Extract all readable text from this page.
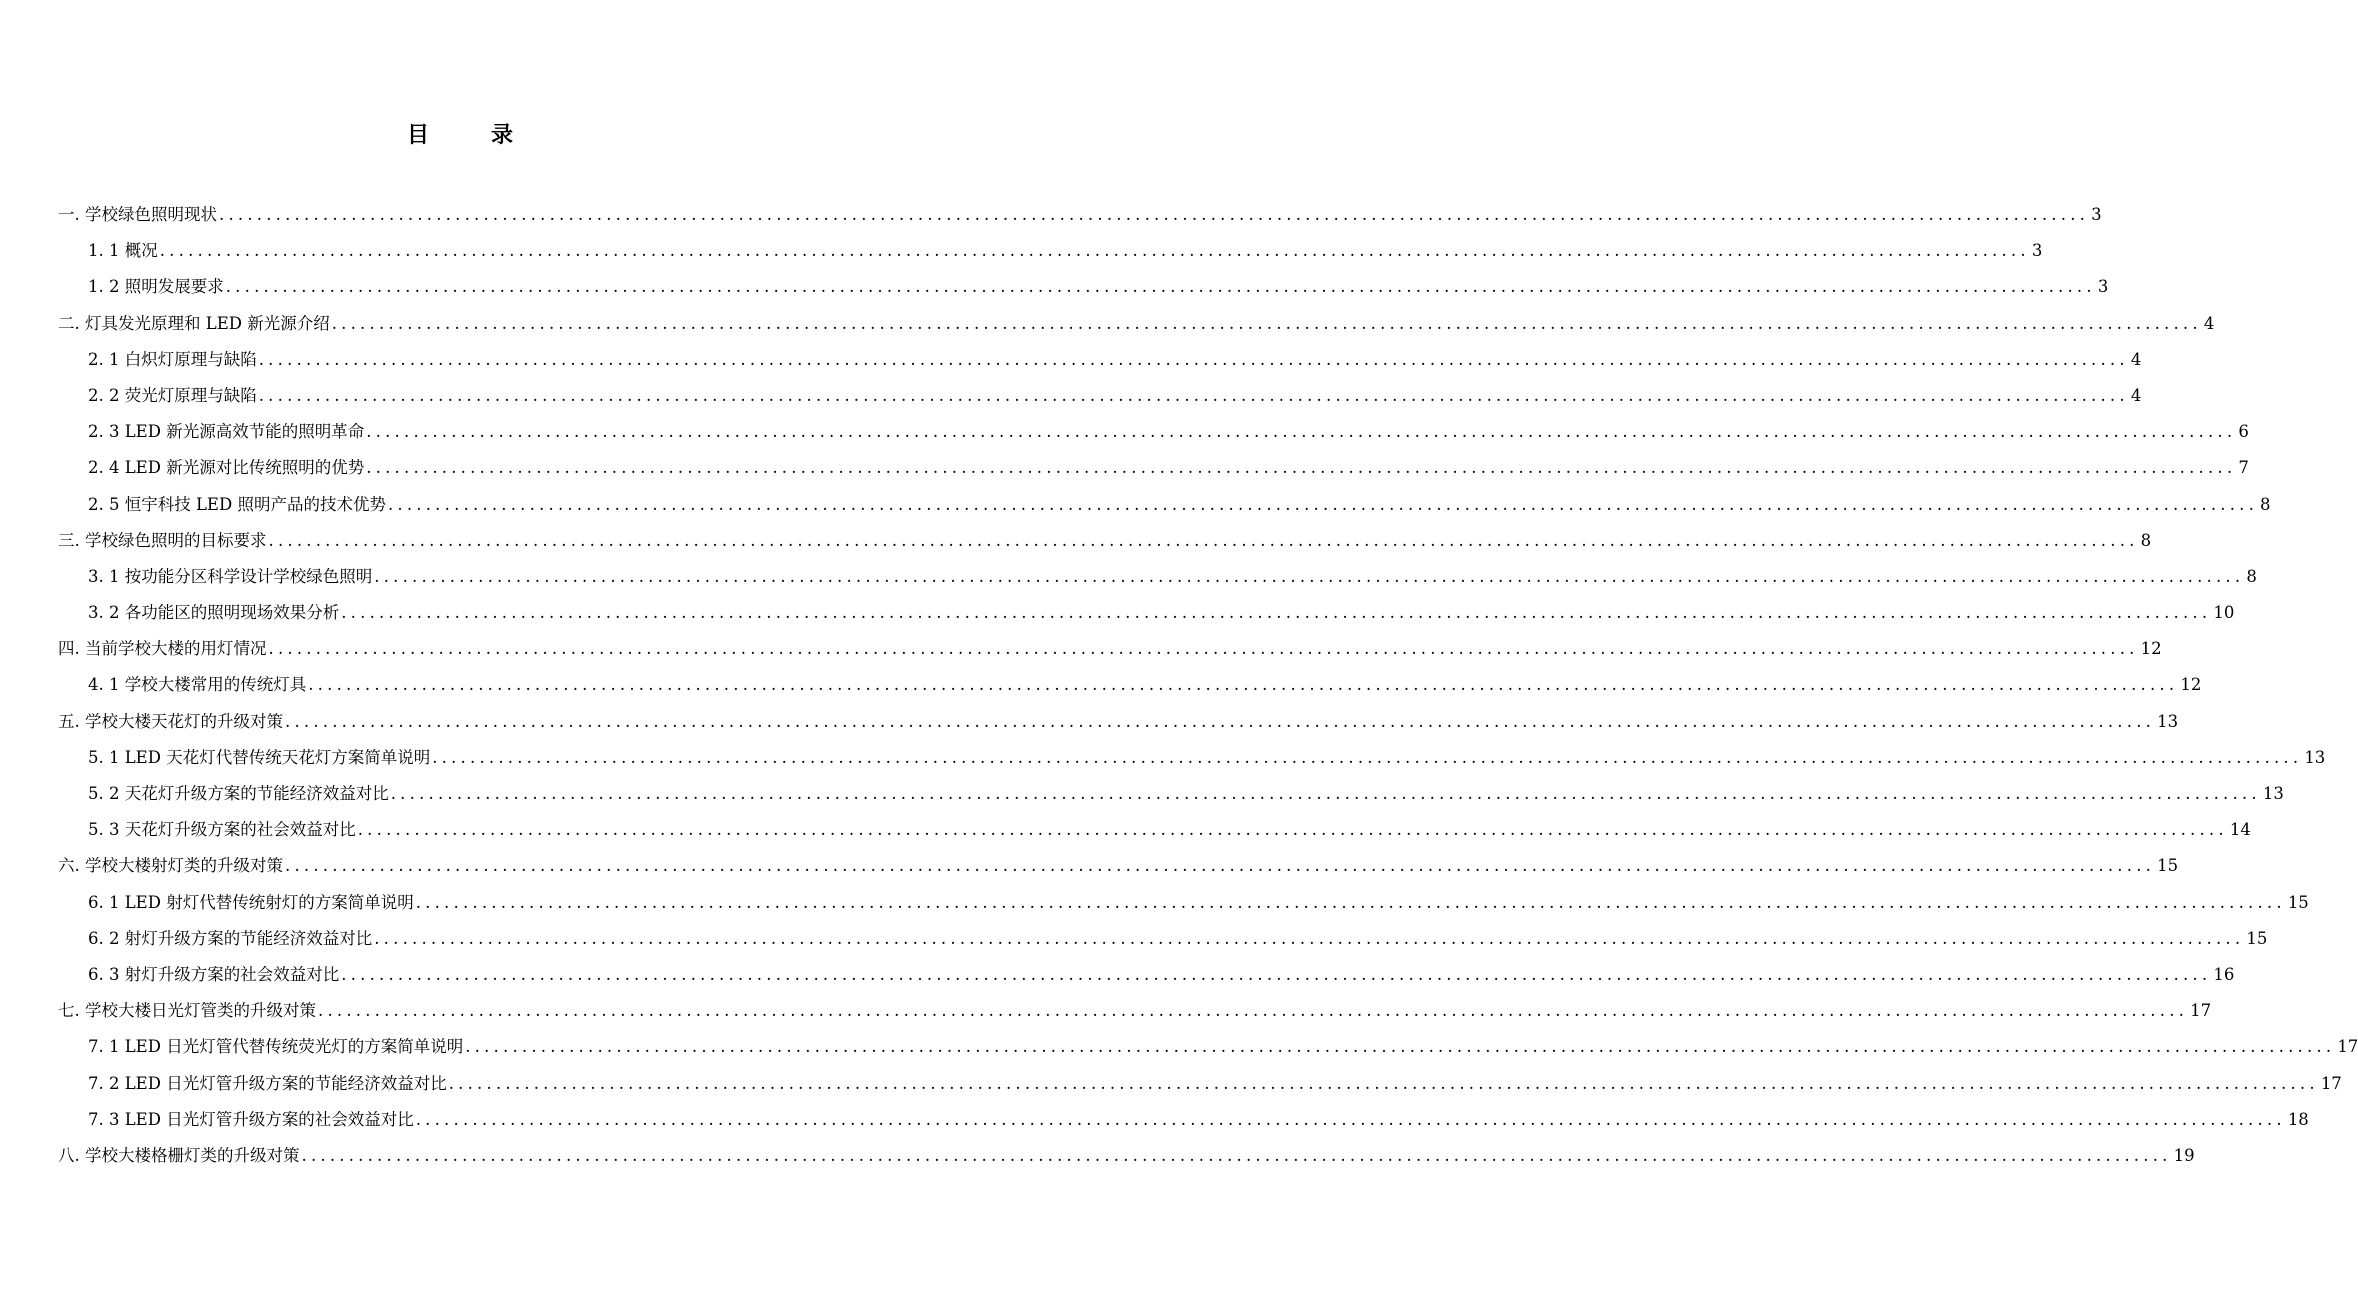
目	录
一. 学校绿色照明现状 ...................................................................................................................................................................................................... 3
1. 1 概况 ...................................................................................................................................................................................................... 3
1. 2 照明发展要求 ...................................................................................................................................................................................................... 3
二. 灯具发光原理和 LED 新光源介绍 ...................................................................................................................................................................................................... 4
2. 1 白炽灯原理与缺陷 ...................................................................................................................................................................................................... 4
2. 2 荧光灯原理与缺陷 ...................................................................................................................................................................................................... 4
2. 3 LED 新光源高效节能的照明革命 ...................................................................................................................................................................................................... 6
2. 4 LED 新光源对比传统照明的优势 ...................................................................................................................................................................................................... 7
2. 5 恒宇科技 LED 照明产品的技术优势 ...................................................................................................................................................................................................... 8
三. 学校绿色照明的目标要求 ...................................................................................................................................................................................................... 8
3. 1 按功能分区科学设计学校绿色照明 ...................................................................................................................................................................................................... 8
3. 2 各功能区的照明现场效果分析 ...................................................................................................................................................................................................... 10
四. 当前学校大楼的用灯情况 ...................................................................................................................................................................................................... 12
4. 1 学校大楼常用的传统灯具 ...................................................................................................................................................................................................... 12
五. 学校大楼天花灯的升级对策 ...................................................................................................................................................................................................... 13
5. 1 LED 天花灯代替传统天花灯方案简单说明 ...................................................................................................................................................................................................... 13
5. 2 天花灯升级方案的节能经济效益对比 ...................................................................................................................................................................................................... 13
5. 3 天花灯升级方案的社会效益对比 ...................................................................................................................................................................................................... 14
六. 学校大楼射灯类的升级对策 ...................................................................................................................................................................................................... 15
6. 1 LED 射灯代替传统射灯的方案简单说明 ...................................................................................................................................................................................................... 15
6. 2 射灯升级方案的节能经济效益对比 ...................................................................................................................................................................................................... 15
6. 3 射灯升级方案的社会效益对比 ...................................................................................................................................................................................................... 16
七. 学校大楼日光灯管类的升级对策 ...................................................................................................................................................................................................... 17
7. 1 LED 日光灯管代替传统荧光灯的方案简单说明 ...................................................................................................................................................................................................... 17
7. 2 LED 日光灯管升级方案的节能经济效益对比 ...................................................................................................................................................................................................... 17
7. 3 LED 日光灯管升级方案的社会效益对比 ...................................................................................................................................................................................................... 18
八. 学校大楼格栅灯类的升级对策 ...................................................................................................................................................................................................... 19
